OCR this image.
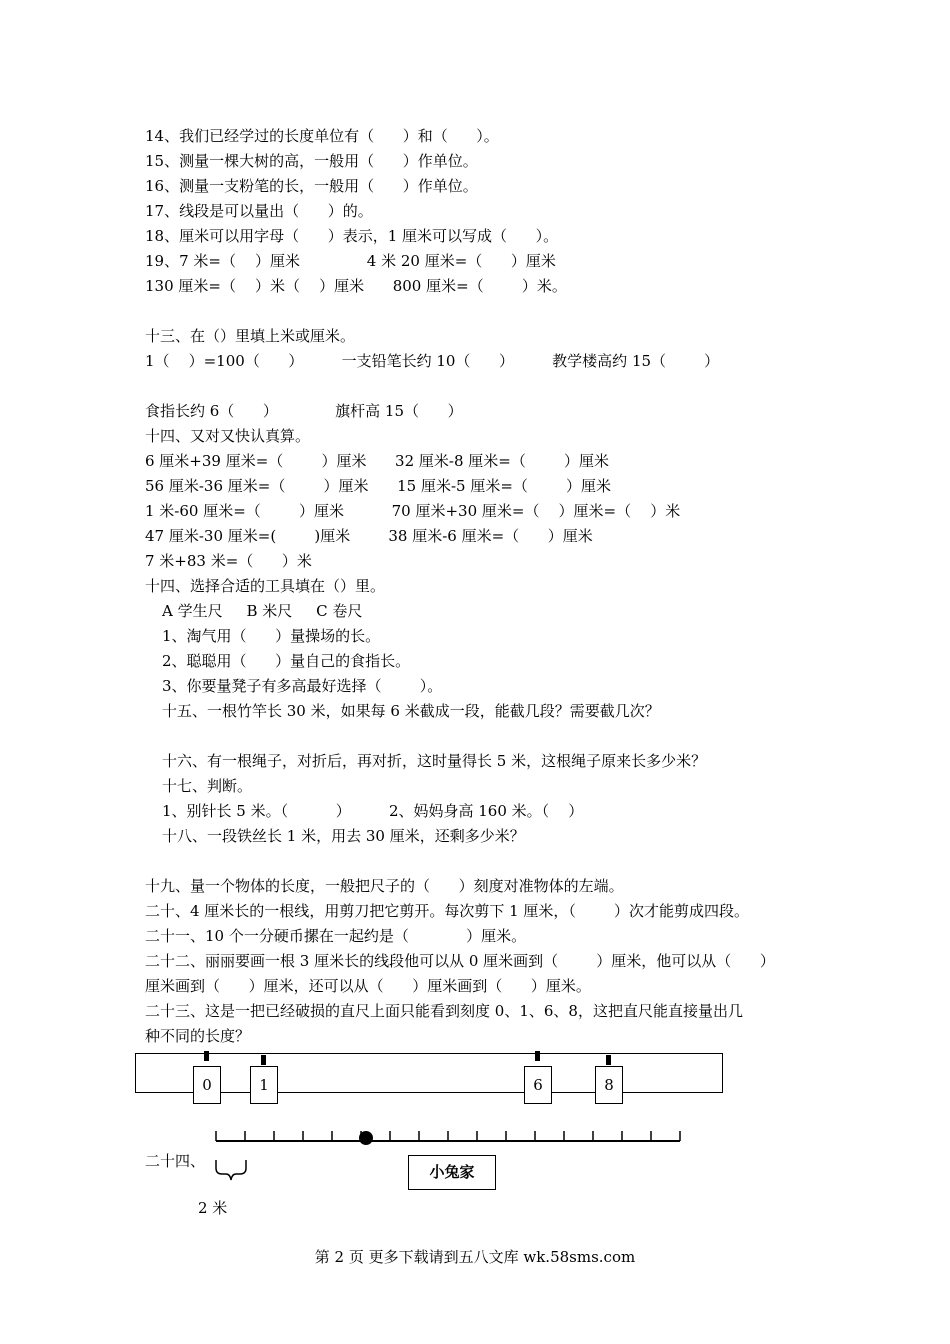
14、我们已经学过的长度单位有（      ）和（      ）。
15、测量一棵大树的高，一般用（      ）作单位。
16、测量一支粉笔的长，一般用（      ）作单位。
17、线段是可以量出（      ）的。
18、厘米可以用字母（      ）表示，1 厘米可以写成（      ）。
19、7 米=（    ）厘米              4 米 20 厘米=（      ）厘米
130 厘米=（    ）米（    ）厘米      800 厘米=（        ）米。
十三、在（）里填上米或厘米。
1（    ）=100（      ）        一支铅笔长约 10（      ）        教学楼高约 15（        ）
食指长约 6（      ）            旗杆高 15（      ）
十四、又对又快认真算。
6 厘米+39 厘米=（        ）厘米      32 厘米-8 厘米=（        ）厘米
56 厘米-36 厘米=（        ）厘米      15 厘米-5 厘米=（        ）厘米
1 米-60 厘米=（        ）厘米          70 厘米+30 厘米=（    ）厘米=（    ）米
47 厘米-30 厘米=(        )厘米        38 厘米-6 厘米=（      ）厘米
7 米+83 米=（      ）米
十四、选择合适的工具填在（）里。
A 学生尺     B 米尺     C 卷尺
1、淘气用（      ）量操场的长。
2、聪聪用（      ）量自己的食指长。
3、你要量凳子有多高最好选择（        ）。
十五、一根竹竿长 30 米，如果每 6 米截成一段，能截几段？需要截几次？
十六、有一根绳子，对折后，再对折，这时量得长 5 米，这根绳子原来长多少米？
十七、判断。
1、别针长 5 米。（          ）        2、妈妈身高 160 米。（    ）
十八、一段铁丝长 1 米，用去 30 厘米，还剩多少米？
十九、量一个物体的长度，一般把尺子的（      ）刻度对准物体的左端。
二十、4 厘米长的一根线，用剪刀把它剪开。每次剪下 1 厘米，（        ）次才能剪成四段。
二十一、10 个一分硬币摞在一起约是（            ）厘米。
二十二、丽丽要画一根 3 厘米长的线段他可以从 0 厘米画到（        ）厘米，他可以从（      ）
厘米画到（      ）厘米，还可以从（      ）厘米画到（      ）厘米。
二十三、这是一把已经破损的直尺上面只能看到刻度 0、1、6、8，这把直尺能直接量出几
种不同的长度？
0	1	6	8
二十四、
小兔家
2 米
第 2 页 更多下载请到五八文库 wk.58sms.com
